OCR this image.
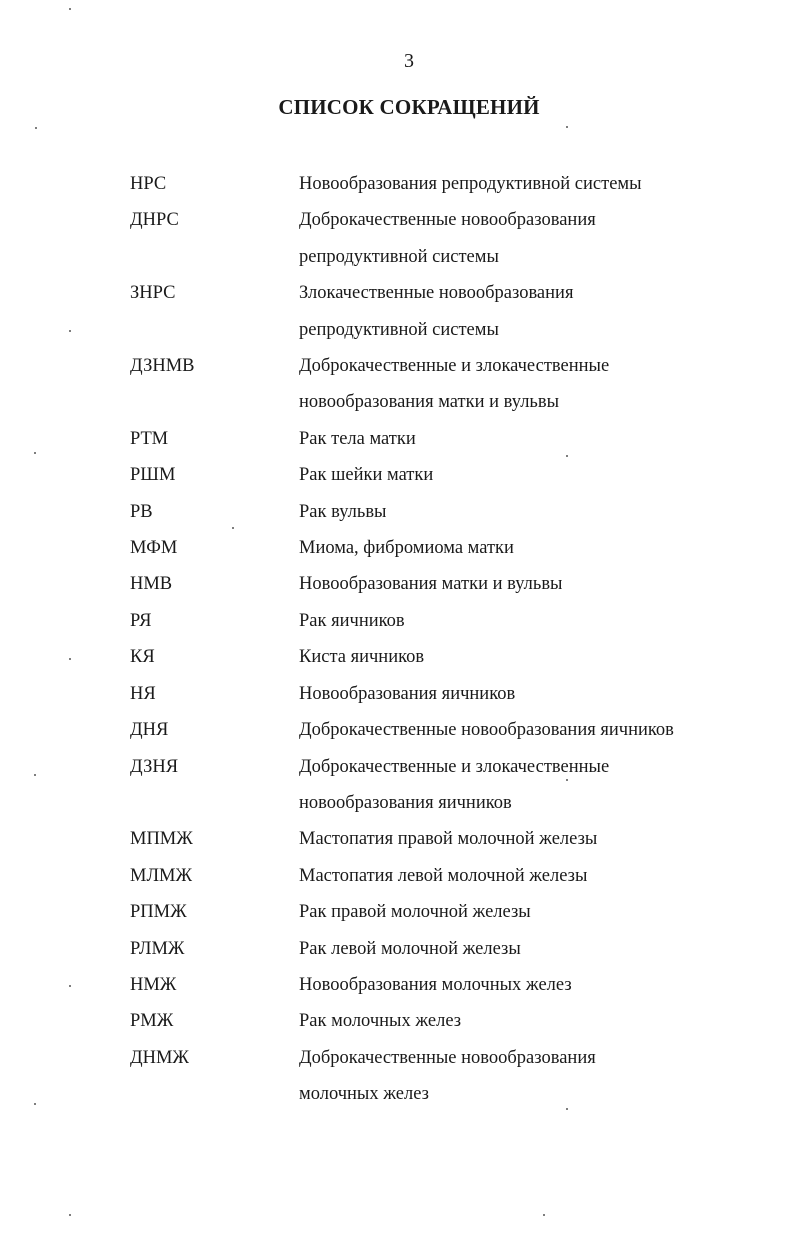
3
СПИСОК СОКРАЩЕНИЙ
НРС	Новообразования репродуктивной системы
ДНРС	Доброкачественные новообразования
репродуктивной системы
ЗНРС	Злокачественные новообразования
репродуктивной системы
ДЗНМВ	Доброкачественные и злокачественные
новообразования матки и вульвы
РТМ	Рак тела матки
РШМ	Рак шейки матки
РВ	Рак вульвы
МФМ	Миома, фибромиома матки
НМВ	Новообразования матки и вульвы
РЯ	Рак яичников
КЯ	Киста яичников
НЯ	Новообразования яичников
ДНЯ	Доброкачественные новообразования яичников
ДЗНЯ	Доброкачественные и злокачественные
новообразования яичников
МПМЖ	Мастопатия правой молочной железы
МЛМЖ	Мастопатия левой молочной железы
РПМЖ	Рак правой молочной железы
РЛМЖ	Рак левой молочной железы
НМЖ	Новообразования молочных желез
РМЖ	Рак молочных желез
ДНМЖ	Доброкачественные новообразования
молочных желез
